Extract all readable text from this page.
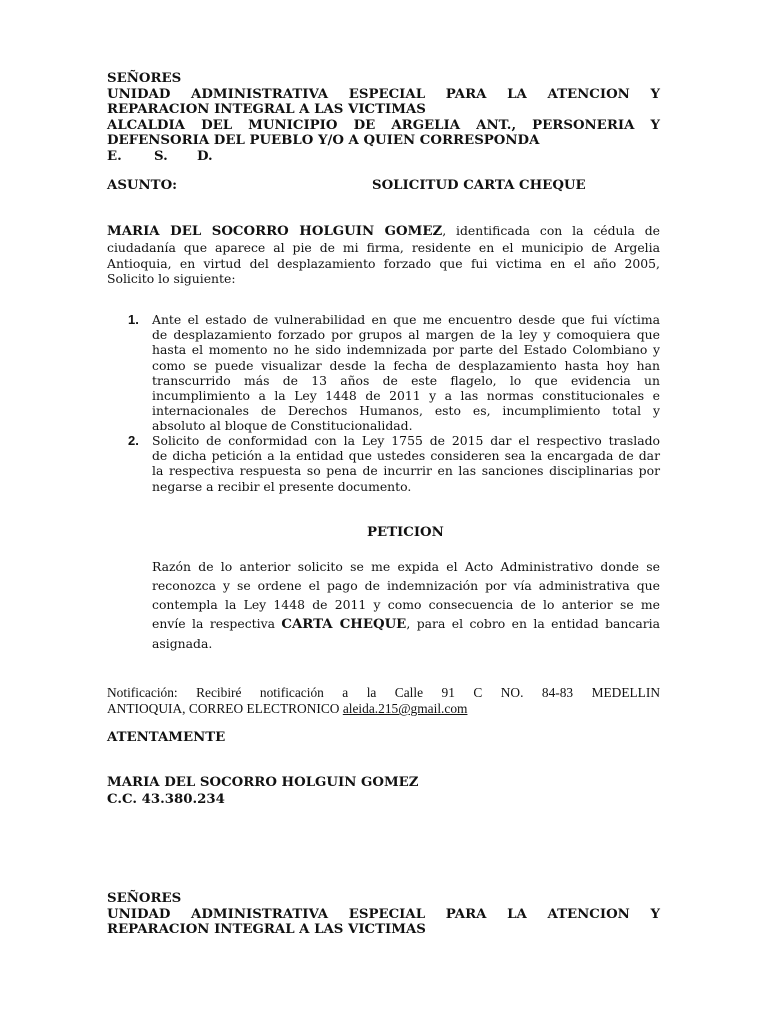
SEÑORES
UNIDAD ADMINISTRATIVA ESPECIAL PARA LA ATENCION Y
REPARACION INTEGRAL A LAS VICTIMAS
ALCALDIA DEL MUNICIPIO DE ARGELIA ANT., PERSONERIA Y
DEFENSORIA DEL PUEBLO Y/O A QUIEN CORRESPONDA
E. S. D.
ASUNTO:	SOLICITUD CARTA CHEQUE
MARIA DEL SOCORRO HOLGUIN GOMEZ, identificada con la cédula de
ciudadanía que aparece al pie de mi firma, residente en el municipio de Argelia
Antioquia, en virtud del desplazamiento forzado que fui victima en el año 2005,
Solicito lo siguiente:
1. Ante el estado de vulnerabilidad en que me encuentro desde que fui víctima
de desplazamiento forzado por grupos al margen de la ley y comoquiera que
hasta el momento no he sido indemnizada por parte del Estado Colombiano y
como se puede visualizar desde la fecha de desplazamiento hasta hoy han
transcurrido más de 13 años de este flagelo, lo que evidencia un
incumplimiento a la Ley 1448 de 2011 y a las normas constitucionales e
internacionales de Derechos Humanos, esto es, incumplimiento total y
absoluto al bloque de Constitucionalidad.
2. Solicito de conformidad con la Ley 1755 de 2015 dar el respectivo traslado
de dicha petición a la entidad que ustedes consideren sea la encargada de dar
la respectiva respuesta so pena de incurrir en las sanciones disciplinarias por
negarse a recibir el presente documento.
PETICION
Razón de lo anterior solicito se me expida el Acto Administrativo donde se
reconozca y se ordene el pago de indemnización por vía administrativa que
contempla la Ley 1448 de 2011 y como consecuencia de lo anterior se me
envíe la respectiva CARTA CHEQUE, para el cobro en la entidad bancaria
asignada.
Notificación: Recibiré notificación a la Calle 91 C NO. 84-83 MEDELLIN
ANTIOQUIA, CORREO ELECTRONICO aleida.215@gmail.com
ATENTAMENTE
MARIA DEL SOCORRO HOLGUIN GOMEZ
C.C. 43.380.234
SEÑORES
UNIDAD ADMINISTRATIVA ESPECIAL PARA LA ATENCION Y
REPARACION INTEGRAL A LAS VICTIMAS
